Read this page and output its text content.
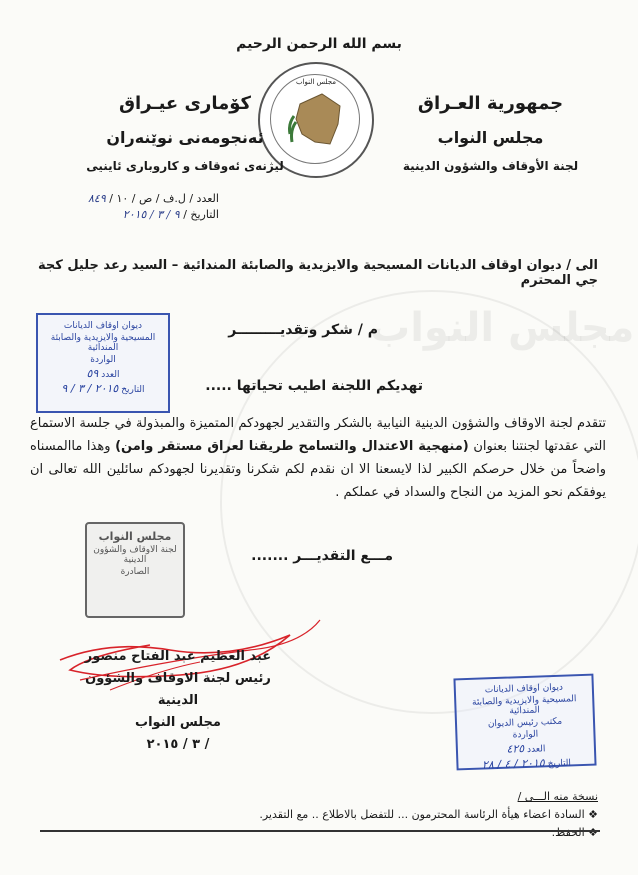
مجلس النواب
بسم الله الرحمن الرحيم
جمهورية العـراق
مجلس النواب
لجنة الأوقاف والشؤون الدينية
مجلس النواب
كۆمارى عيـراق
ئەنجومەنى نوێنەران
ليژنەى ئەوقاف و كاروبارى ئاينيى
العدد / ل.ف / ص / ١٠ / ٨٤٩
التاريخ / ٩ / ٣ / ٢٠١٥
الى / ديوان اوقاف الديانات المسيحية والايزيدية والصابئة المندائية – السيد رعد جليل كجة جي المحترم
ديوان اوقاف الديانات
المسيحية والايزيدية والصابئة المندائية
الواردة
العدد ٥٩
التاريخ ٢٠١٥ / ٣ / ٩
م / شكر وتقديـــــــــر
تهديكم اللجنة اطيب تحياتها .....
تتقدم لجنة الاوقاف والشؤون الدينية النيابية بالشكر والتقدير لجهودكم المتميزة والمبذولة في جلسة الاستماع التي عقدتها لجنتنا بعنوان (منهجية الاعتدال والتسامح طريقنا لعراق مستقر وامن) وهذا ماالمسناه واضحاً من خلال حرصكم الكبير لذا لايسعنا الا ان نقدم لكم شكرنا وتقديرنا لجهودكم سائلين الله تعالى ان يوفقكم نحو المزيد من النجاح والسداد في عملكم .
مجلس النواب
لجنة الاوقاف والشؤون الدينية
الصادرة
مـــع التقديـــر .......
عبد العظيم عبد الفتاح منصور
رئيس لجنة الاوقاف والشؤون الدينية
مجلس النواب
/ ٣ / ٢٠١٥
ديوان اوقاف الديانات
المسيحية والايزيدية والصابئة المندائية
مكتب رئيس الديوان
الواردة
العدد ٤٢٥
التاريخ ٢٠١٥ / ٤ / ٢٨
نسخة منه الـــى /
❖ السادة اعضاء هيأة الرئاسة المحترمون ... للتفضل بالاطلاع .. مع التقدير.
❖ الحفظ.
